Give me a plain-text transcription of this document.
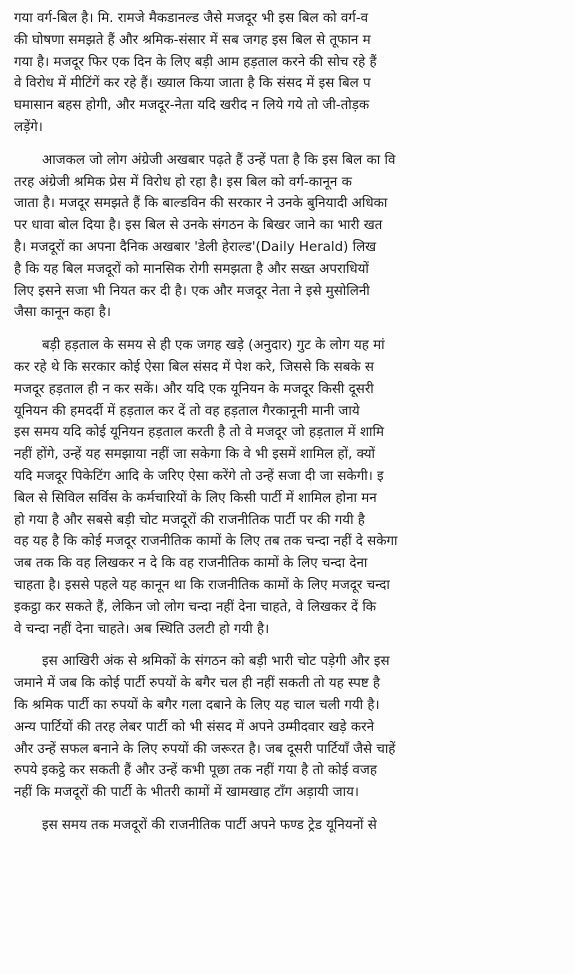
गया वर्ग-बिल है। मि. रामजे मैकडानल्ड जैसे मजदूर भी इस बिल को वर्ग-व
की घोषणा समझते हैं और श्रमिक-संसार में सब जगह इस बिल से तूफान म
गया है। मजदूर फिर एक दिन के लिए बड़ी आम हड़ताल करने की सोच रहे हैं
वे विरोध में मीटिंगें कर रहे हैं। ख्याल किया जाता है कि संसद में इस बिल प
घमासान बहस होगी, और मजदूर-नेता यदि खरीद न लिये गये तो जी-तोड़क
लड़ेंगे।
आजकल जो लोग अंग्रेजी अखबार पढ़ते हैं उन्हें पता है कि इस बिल का वि
तरह अंग्रेजी श्रमिक प्रेस में विरोध हो रहा है। इस बिल को वर्ग-कानून क
जाता है। मजदूर समझते हैं कि बाल्डविन की सरकार ने उनके बुनियादी अधिका
पर धावा बोल दिया है। इस बिल से उनके संगठन के बिखर जाने का भारी खत
है। मजदूरों का अपना दैनिक अखबार 'डेली हेराल्ड'(Daily Herald) लिख
है कि यह बिल मजदूरों को मानसिक रोगी समझता है और सख्त अपराधियों
लिए इसने सजा भी नियत कर दी है। एक और मजदूर नेता ने इसे मुसोलिनी
जैसा कानून कहा है।
बड़ी हड़ताल के समय से ही एक जगह खड़े (अनुदार) गुट के लोग यह मां
कर रहे थे कि सरकार कोई ऐसा बिल संसद में पेश करे, जिससे कि सबके स
मजदूर हड़ताल ही न कर सकें। और यदि एक यूनियन के मजदूर किसी दूसरी
यूनियन की हमदर्दी में हड़ताल कर दें तो वह हड़ताल गैरकानूनी मानी जाये
इस समय यदि कोई यूनियन हड़ताल करती है तो वे मजदूर जो हड़ताल में शामि
नहीं होंगे, उन्हें यह समझाया नहीं जा सकेगा कि वे भी इसमें शामिल हों, क्यों
यदि मजदूर पिकेटिंग आदि के जरिए ऐसा करेंगे तो उन्हें सजा दी जा सकेगी। इ
बिल से सिविल सर्विस के कर्मचारियों के लिए किसी पार्टी में शामिल होना मन
हो गया है और सबसे बड़ी चोट मजदूरों की राजनीतिक पार्टी पर की गयी है
वह यह है कि कोई मजदूर राजनीतिक कामों के लिए तब तक चन्दा नहीं दे सकेगा
जब तक कि वह लिखकर न दे कि वह राजनीतिक कामों के लिए चन्दा देना
चाहता है। इससे पहले यह कानून था कि राजनीतिक कामों के लिए मजदूर चन्दा
इकट्ठा कर सकते हैं, लेकिन जो लोग चन्दा नहीं देना चाहते, वे लिखकर दें कि
वे चन्दा नहीं देना चाहते। अब स्थिति उलटी हो गयी है।
इस आखिरी अंक से श्रमिकों के संगठन को बड़ी भारी चोट पड़ेगी और इस
जमाने में जब कि कोई पार्टी रुपयों के बगैर चल ही नहीं सकती तो यह स्पष्ट है
कि श्रमिक पार्टी का रुपयों के बगैर गला दबाने के लिए यह चाल चली गयी है।
अन्य पार्टियों की तरह लेबर पार्टी को भी संसद में अपने उम्मीदवार खड़े करने
और उन्हें सफल बनाने के लिए रुपयों की जरूरत है। जब दूसरी पार्टियाँ जैसे चाहें
रुपये इकट्ठे कर सकती हैं और उन्हें कभी पूछा तक नहीं गया है तो कोई वजह
नहीं कि मजदूरों की पार्टी के भीतरी कामों में खामखाह टाँग अड़ायी जाय।
इस समय तक मजदूरों की राजनीतिक पार्टी अपने फण्ड ट्रेड यूनियनों से
